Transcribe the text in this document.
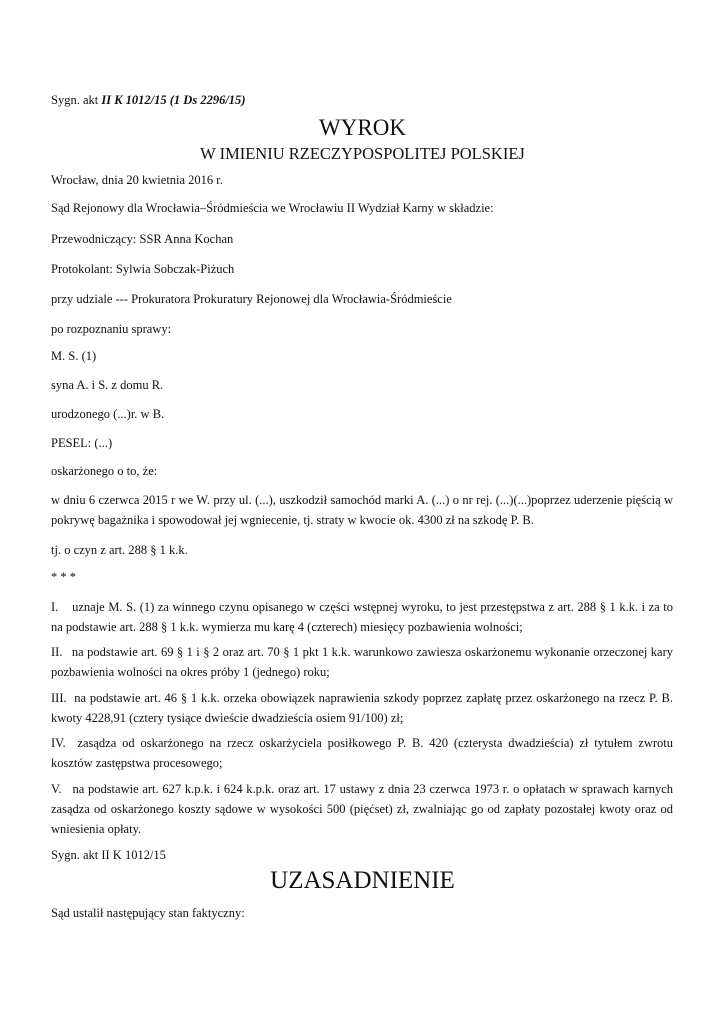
Sygn. akt II K 1012/15 (1 Ds 2296/15)

WYROK

W IMIENIU RZECZYPOSPOLITEJ POLSKIEJ

Wrocław, dnia 20 kwietnia 2016 r.

Sąd Rejonowy dla Wrocławia–Śródmieścia we Wrocławiu II Wydział Karny w składzie:

Przewodniczący: SSR Anna Kochan

Protokolant: Sylwia Sobczak-Piżuch

przy udziale --- Prokuratora Prokuratury Rejonowej dla Wrocławia-Śródmieście

po rozpoznaniu sprawy:

M. S. (1)

syna A. i S. z domu R.

urodzonego (...)r. w B.

PESEL: (...)

oskarżonego o to, że:

w dniu 6 czerwca 2015 r we W. przy ul. (...), uszkodził samochód marki A. (...) o nr rej. (...)(...)poprzez uderzenie pięścią w pokrywę bagażnika i spowodował jej wgniecenie, tj. straty w kwocie ok. 4300 zł na szkodę P. B.

tj. o czyn z art. 288 § 1 k.k.

* * *

I. uznaje M. S. (1) za winnego czynu opisanego w części wstępnej wyroku, to jest przestępstwa z art. 288 § 1 k.k. i za to na podstawie art. 288 § 1 k.k. wymierza mu karę 4 (czterech) miesięcy pozbawienia wolności;

II. na podstawie art. 69 § 1 i § 2 oraz art. 70 § 1 pkt 1 k.k. warunkowo zawiesza oskarżonemu wykonanie orzeczonej kary pozbawienia wolności na okres próby 1 (jednego) roku;

III. na podstawie art. 46 § 1 k.k. orzeka obowiązek naprawienia szkody poprzez zapłatę przez oskarżonego na rzecz P. B. kwoty 4228,91 (cztery tysiące dwieście dwadzieścia osiem 91/100) zł;

IV. zasądza od oskarżonego na rzecz oskarżyciela posiłkowego P. B. 420 (czterysta dwadzieścia) zł tytułem zwrotu kosztów zastępstwa procesowego;

V. na podstawie art. 627 k.p.k. i 624 k.p.k. oraz art. 17 ustawy z dnia 23 czerwca 1973 r. o opłatach w sprawach karnych zasądza od oskarżonego koszty sądowe w wysokości 500 (pięćset) zł, zwalniając go od zapłaty pozostałej kwoty oraz od wniesienia opłaty.

Sygn. akt II K 1012/15

UZASADNIENIE

Sąd ustalił następujący stan faktyczny:
